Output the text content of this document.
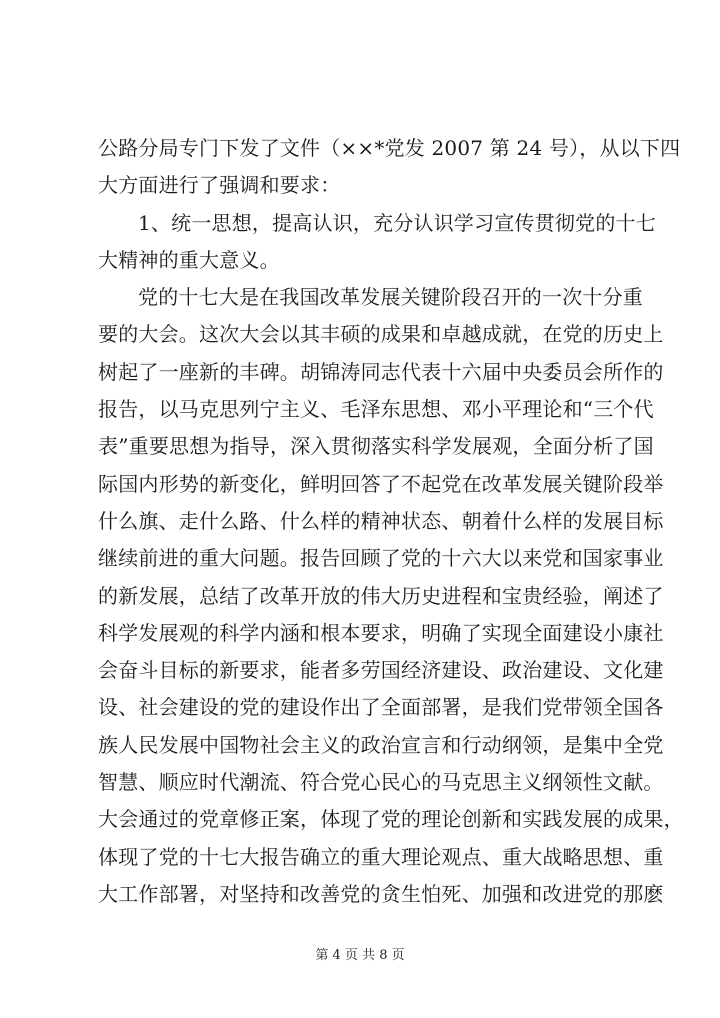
公路分局专门下发了文件（××*党发 2007 第 24 号），从以下四
大方面进行了强调和要求：
1、统一思想，提高认识，充分认识学习宣传贯彻党的十七
大精神的重大意义。
党的十七大是在我国改革发展关键阶段召开的一次十分重
要的大会。这次大会以其丰硕的成果和卓越成就，在党的历史上
树起了一座新的丰碑。胡锦涛同志代表十六届中央委员会所作的
报告，以马克思列宁主义、毛泽东思想、邓小平理论和“三个代
表”重要思想为指导，深入贯彻落实科学发展观，全面分析了国
际国内形势的新变化，鲜明回答了不起党在改革发展关键阶段举
什么旗、走什么路、什么样的精神状态、朝着什么样的发展目标
继续前进的重大问题。报告回顾了党的十六大以来党和国家事业
的新发展，总结了改革开放的伟大历史进程和宝贵经验，阐述了
科学发展观的科学内涵和根本要求，明确了实现全面建设小康社
会奋斗目标的新要求，能者多劳国经济建设、政治建设、文化建
设、社会建设的党的建设作出了全面部署，是我们党带领全国各
族人民发展中国物社会主义的政治宣言和行动纲领，是集中全党
智慧、顺应时代潮流、符合党心民心的马克思主义纲领性文献。
大会通过的党章修正案，体现了党的理论创新和实践发展的成果，
体现了党的十七大报告确立的重大理论观点、重大战略思想、重
大工作部署，对坚持和改善党的贪生怕死、加强和改进党的那麽
第 4 页 共 8 页
